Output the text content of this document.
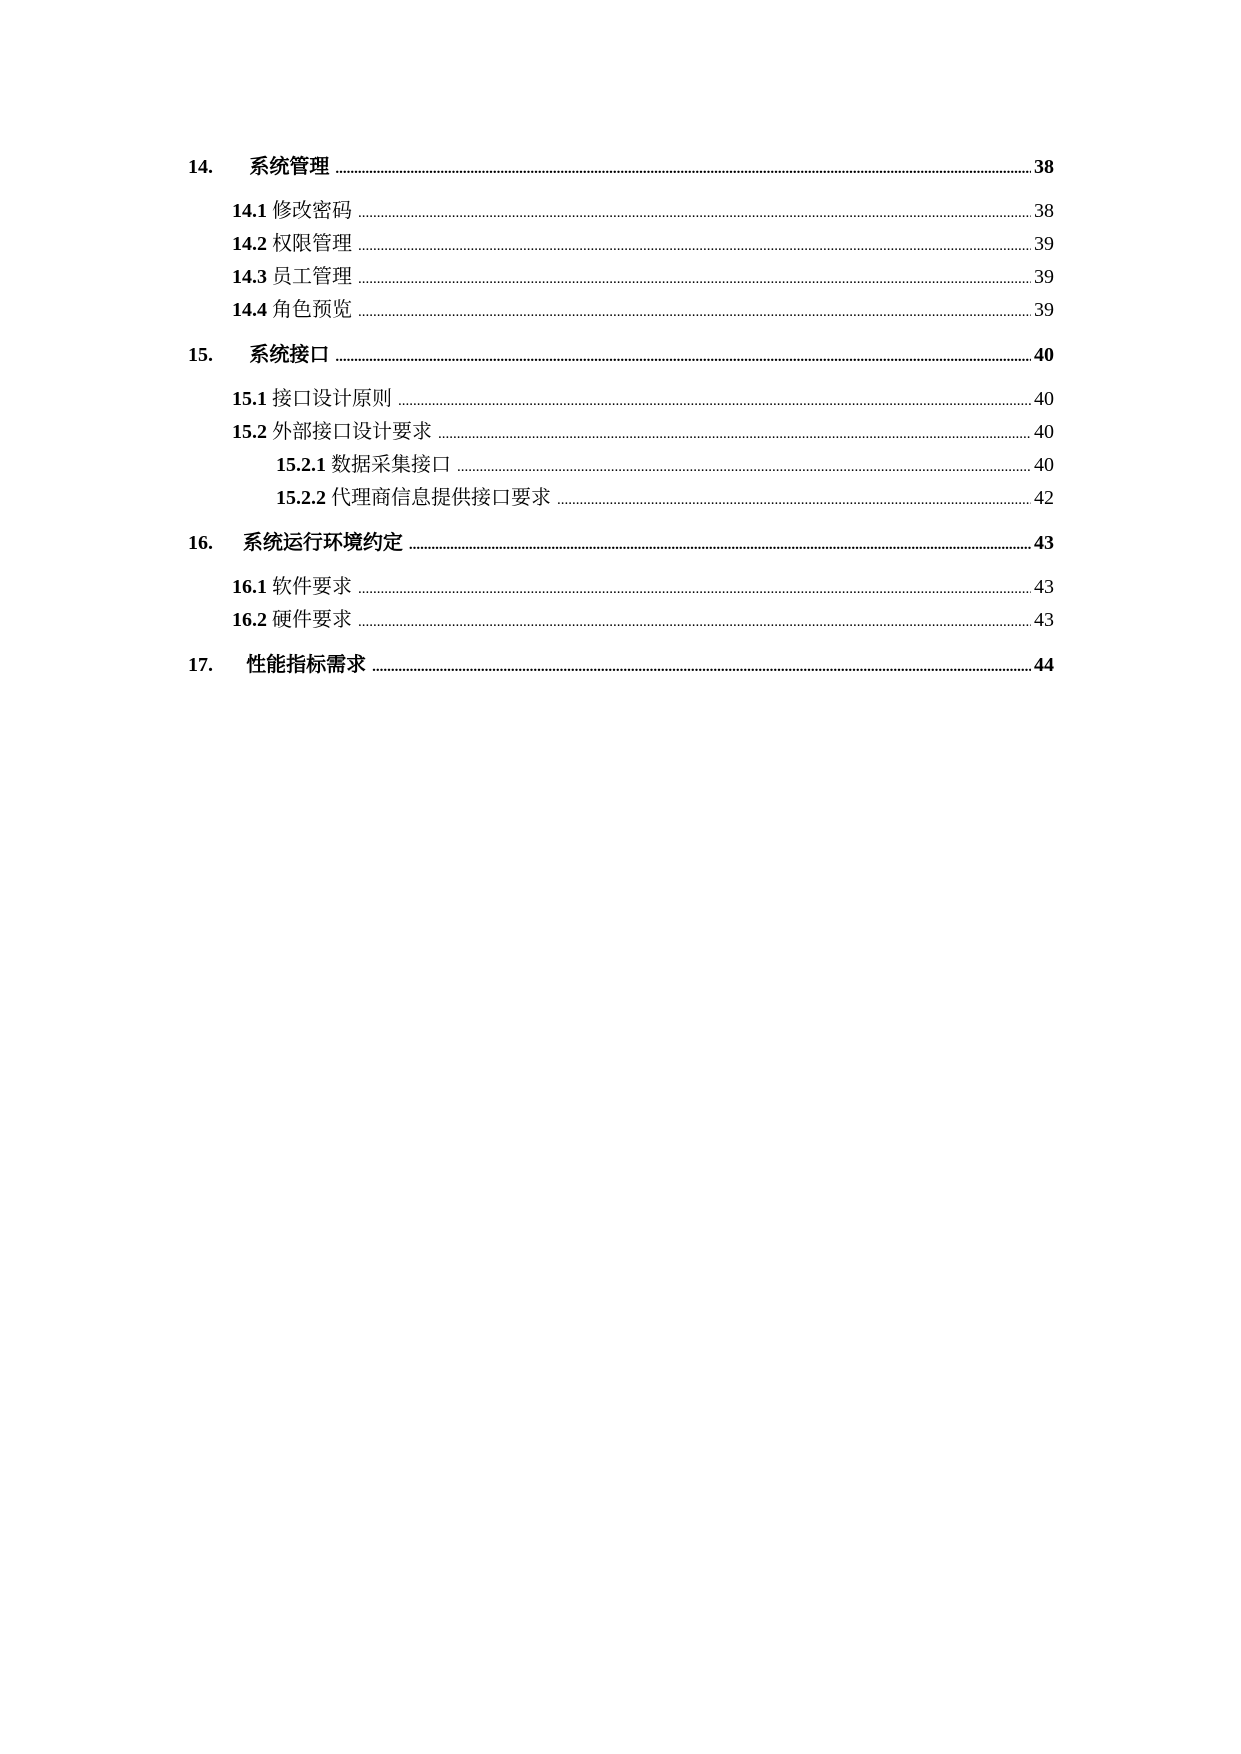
14.	系统管理 .....	38
14.1 修改密码 .....	38
14.2 权限管理 .....	39
14.3 员工管理 .....	39
14.4 角色预览 .....	39
15.	系统接口 .....	40
15.1 接口设计原则 .....	40
15.2 外部接口设计要求 .....	40
15.2.1 数据采集接口 .....	40
15.2.2 代理商信息提供接口要求 .....	42
16.	系统运行环境约定 .....	43
16.1 软件要求 .....	43
16.2 硬件要求 .....	43
17.	性能指标需求 .....	44
